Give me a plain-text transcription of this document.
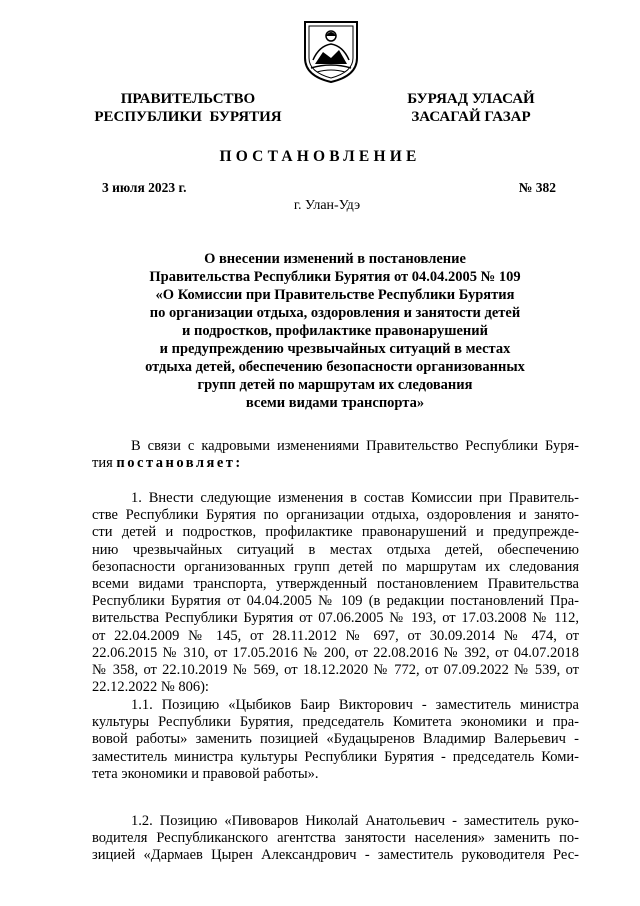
ПРАВИТЕЛЬСТВО
РЕСПУБЛИКИ  БУРЯТИЯ
БУРЯАД УЛАСАЙ
ЗАСАГАЙ ГАЗАР
ПОСТАНОВЛЕНИЕ
3 июля 2023 г.	№ 382
г. Улан-Удэ
О внесении изменений в постановление
Правительства Республики Бурятия от 04.04.2005 № 109
«О Комиссии при Правительстве Республики Бурятия
по организации отдыха, оздоровления и занятости детей
и подростков, профилактике правонарушений
и предупреждению чрезвычайных ситуаций в местах
отдыха детей, обеспечению безопасности организованных
групп детей по маршрутам их следования
всеми видами транспорта»
В связи с кадровыми изменениями Правительство Республики Буря-
тия постановляет:
1. Внести следующие изменения в состав Комиссии при Правитель-
стве Республики Бурятия по организации отдыха, оздоровления и занято-
сти детей и подростков, профилактике правонарушений и предупрежде-
нию чрезвычайных ситуаций в местах отдыха детей, обеспечению
безопасности организованных групп детей по маршрутам их следования
всеми видами транспорта, утвержденный постановлением Правительства
Республики Бурятия от 04.04.2005 № 109 (в редакции постановлений Пра-
вительства Республики Бурятия от 07.06.2005 № 193, от 17.03.2008 № 112,
от 22.04.2009 № 145, от 28.11.2012 № 697, от 30.09.2014 № 474, от
22.06.2015 № 310, от 17.05.2016 № 200, от 22.08.2016 № 392, от 04.07.2018
№ 358, от 22.10.2019 № 569, от 18.12.2020 № 772, от 07.09.2022 № 539, от
22.12.2022 № 806):
1.1. Позицию «Цыбиков Баир Викторович - заместитель министра
культуры Республики Бурятия, председатель Комитета экономики и пра-
вовой работы» заменить позицией «Будацыренов Владимир Валерьевич -
заместитель министра культуры Республики Бурятия - председатель Коми-
тета экономики и правовой работы».
1.2. Позицию «Пивоваров Николай Анатольевич - заместитель руко-
водителя Республиканского агентства занятости населения» заменить по-
зицией «Дармаев Цырен Александрович - заместитель руководителя Рес-
